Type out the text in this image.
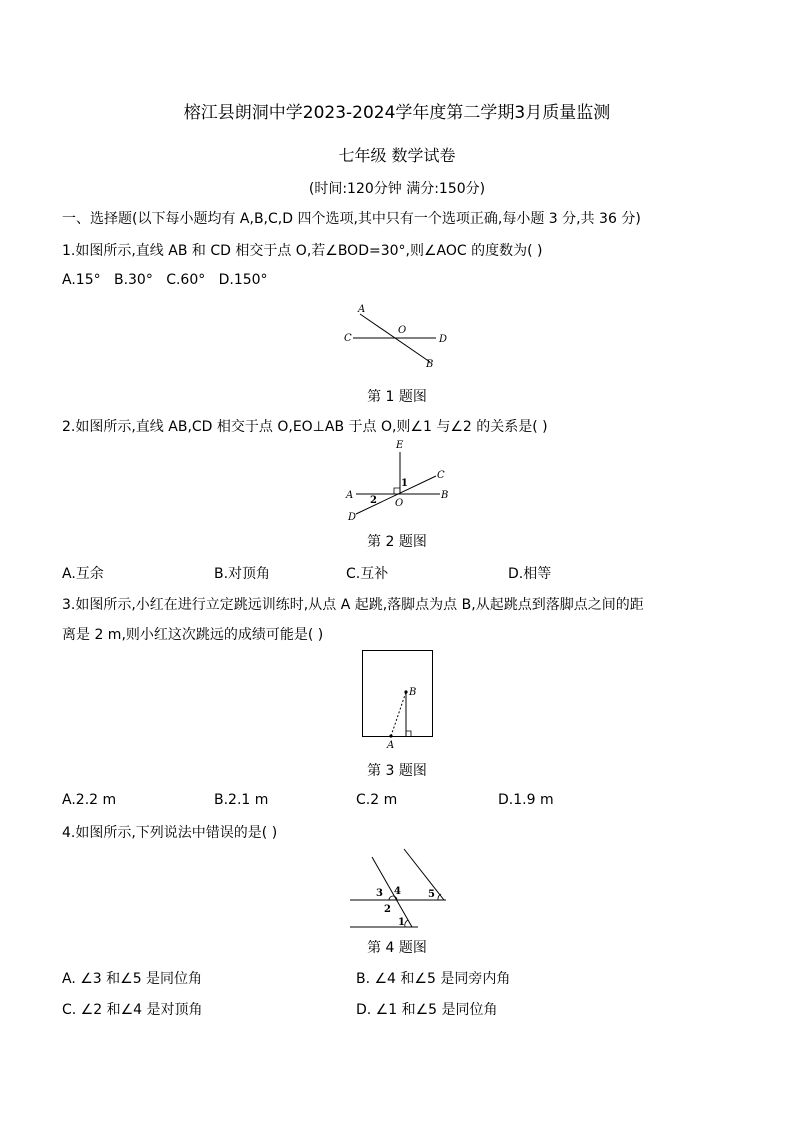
榕江县朗洞中学2023-2024学年度第二学期3月质量监测
七年级 数学试卷
(时间:120分钟 满分:150分)
一、选择题(以下每小题均有 A,B,C,D 四个选项,其中只有一个选项正确,每小题 3 分,共 36 分)
1.如图所示,直线 AB 和 CD 相交于点 O,若∠BOD=30°,则∠AOC 的度数为( )
A.15° B.30° C.60° D.150°
A
C
O
D
B
第 1 题图
2.如图所示,直线 AB,CD 相交于点 O,EO⊥AB 于点 O,则∠1 与∠2 的关系是( )
E
C
1
A 2 O
B
D
第 2 题图
A.互余	B.对顶角	C.互补	D.相等
3.如图所示,小红在进行立定跳远训练时,从点 A 起跳,落脚点为点 B,从起跳点到落脚点之间的距
离是 2 m,则小红这次跳远的成绩可能是( )
B
A
第 3 题图
A.2.2 m	B.2.1 m	C.2 m	D.1.9 m
4.如图所示,下列说法中错误的是( )
3 4	5
2
1
第 4 题图
A. ∠3 和∠5 是同位角	B. ∠4 和∠5 是同旁内角
C. ∠2 和∠4 是对顶角	D. ∠1 和∠5 是同位角
